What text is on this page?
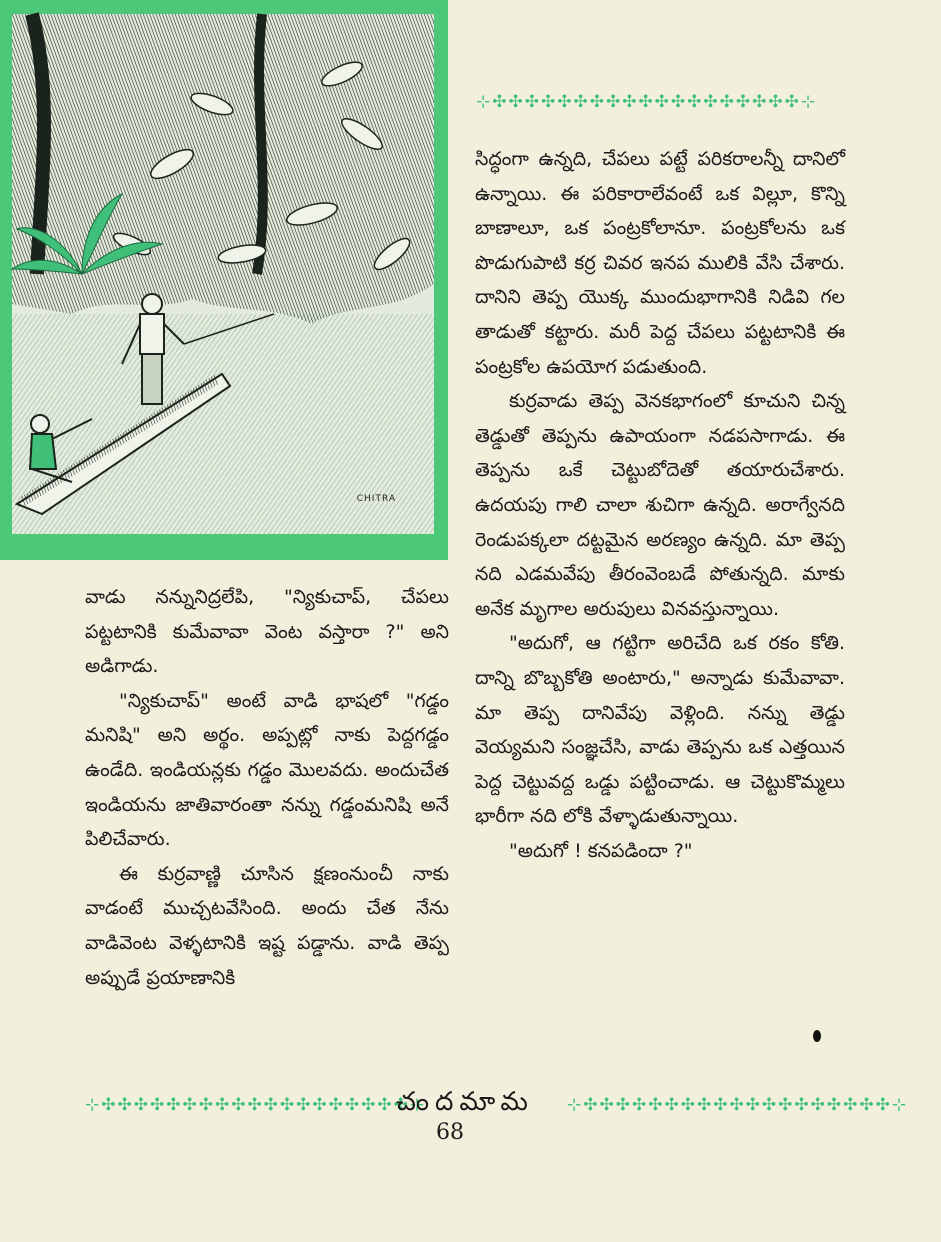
CHITRA
⊹✣✣✣✣✣✣✣✣✣✣✣✣✣✣✣✣✣✣✣⊹

సిద్ధంగా ఉన్నది, చేపలు పట్టే పరికరాలన్నీ దానిలో ఉన్నాయి. ఈ పరికారాలేవంటే ఒక విల్లూ, కొన్ని బాణాలూ, ఒక పంట్రకోలానూ. పంట్రకోలను ఒక పొడుగుపాటి కర్ర చివర ఇనప ములికి వేసి చేశారు. దానిని తెప్ప యొక్క ముందుభాగానికి నిడివి గల తాడుతో కట్టారు. మరీ పెద్ద చేపలు పట్టటానికి ఈ పంట్రకోల ఉపయోగ పడుతుంది.

కుర్రవాడు తెప్ప వెనకభాగంలో కూచుని చిన్న తెడ్డుతో తెప్పను ఉపాయంగా నడపసాగాడు. ఈ తెప్పను ఒకే చెట్టుబోదెతో తయారుచేశారు. ఉదయపు గాలి చాలా శుచిగా ఉన్నది. అరాగ్వేనది రెండుపక్కలా దట్టమైన అరణ్యం ఉన్నది. మా తెప్ప నది ఎడమవేపు తీరంవెంబడే పోతున్నది. మాకు అనేక మృగాల అరుపులు వినవస్తున్నాయి.

"అదుగో, ఆ గట్టిగా అరిచేది ఒక రకం కోతి. దాన్ని బొబ్బకోతి అంటారు," అన్నాడు కుమేవావా. మా తెప్ప దానివేపు వెళ్లింది. నన్ను తెడ్డు వెయ్యమని సంజ్ఞచేసి, వాడు తెప్పను ఒక ఎత్తయిన పెద్ద చెట్టువద్ద ఒడ్డు పట్టించాడు. ఆ చెట్టుకొమ్మలు భారీగా నది లోకి వేళ్ళాడుతున్నాయి.

"అదుగో ! కనపడిందా ?"

వాడు నన్నునిద్రలేపి, "న్యికుచాప్, చేపలు పట్టటానికి కుమేవావా వెంట వస్తారా ?" అని అడిగాడు.

"న్యికుచాప్" అంటే వాడి భాషలో "గడ్డం మనిషి" అని అర్థం. అప్పట్లో నాకు పెద్దగడ్డం ఉండేది. ఇండియన్లకు గడ్డం మొలవదు. అందుచేత ఇండియను జాతివారంతా నన్ను గడ్డంమనిషి అనే పిలిచేవారు.

ఈ కుర్రవాణ్ణి చూసిన క్షణంనుంచీ నాకు వాడంటే ముచ్చటవేసింది. అందు చేత నేను వాడివెంట వెళ్ళటానికి ఇష్ట పడ్డాను. వాడి తెప్ప అప్పుడే ప్రయాణానికి

⊹✣✣✣✣✣✣✣✣✣✣✣✣✣✣✣✣✣✣✣⊹
చందమామ	⊹✣✣✣✣✣✣✣✣✣✣✣✣✣✣✣✣✣✣✣⊹
68
